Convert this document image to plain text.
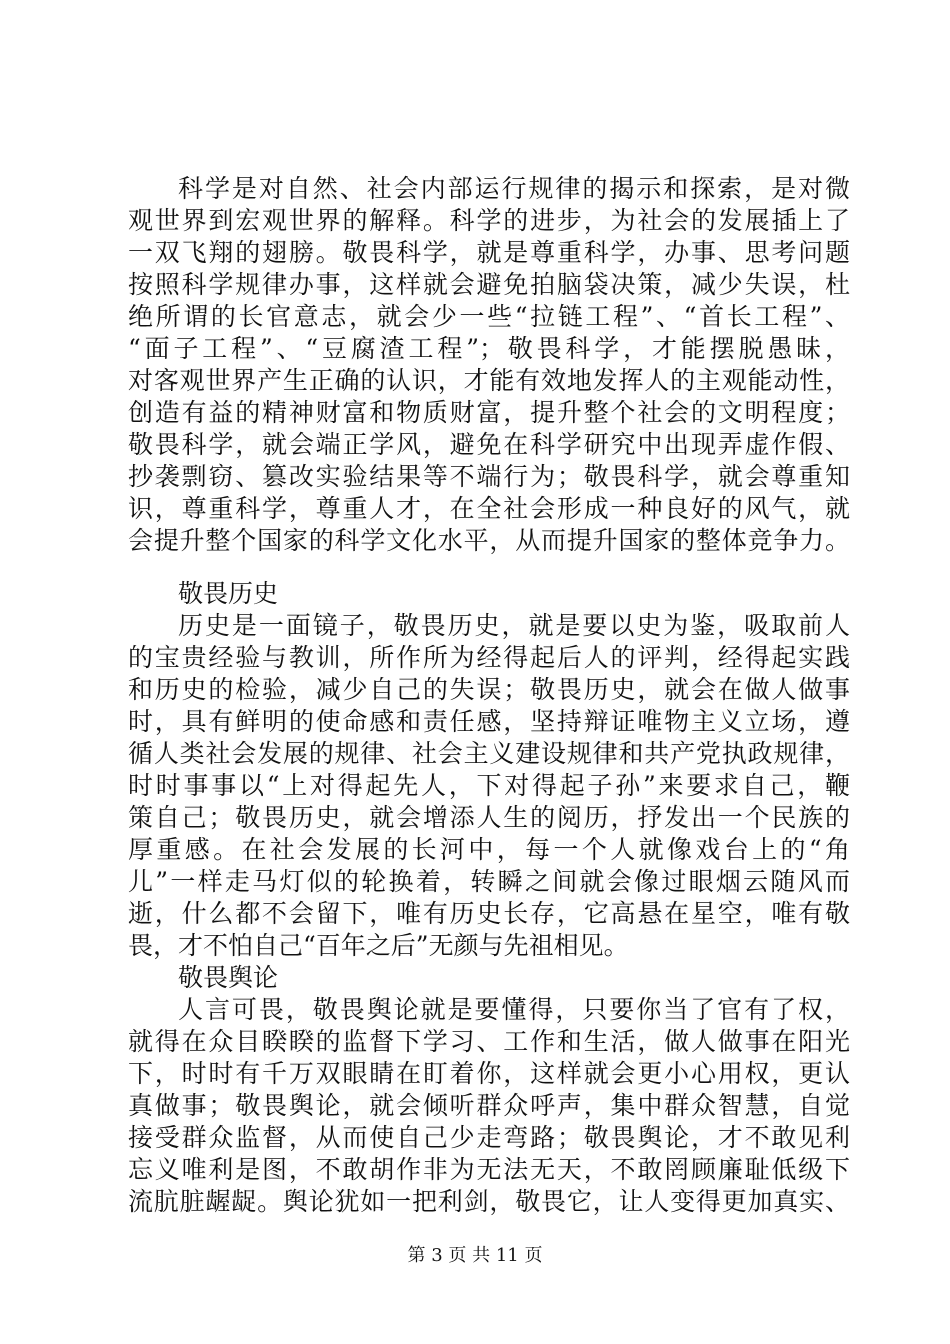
科学是对自然、社会内部运行规律的揭示和探索，是对微
观世界到宏观世界的解释。科学的进步，为社会的发展插上了
一双飞翔的翅膀。敬畏科学，就是尊重科学，办事、思考问题
按照科学规律办事，这样就会避免拍脑袋决策，减少失误，杜
绝所谓的长官意志，就会少一些“拉链工程”、“首长工程”、
“面子工程”、“豆腐渣工程”；敬畏科学，才能摆脱愚昧，
对客观世界产生正确的认识，才能有效地发挥人的主观能动性，
创造有益的精神财富和物质财富，提升整个社会的文明程度；
敬畏科学，就会端正学风，避免在科学研究中出现弄虚作假、
抄袭剽窃、篡改实验结果等不端行为；敬畏科学，就会尊重知
识，尊重科学，尊重人才，在全社会形成一种良好的风气，就
会提升整个国家的科学文化水平，从而提升国家的整体竞争力。
敬畏历史
历史是一面镜子，敬畏历史，就是要以史为鉴，吸取前人
的宝贵经验与教训，所作所为经得起后人的评判，经得起实践
和历史的检验，减少自己的失误；敬畏历史，就会在做人做事
时，具有鲜明的使命感和责任感，坚持辩证唯物主义立场，遵
循人类社会发展的规律、社会主义建设规律和共产党执政规律，
时时事事以“上对得起先人，下对得起子孙”来要求自己，鞭
策自己；敬畏历史，就会增添人生的阅历，抒发出一个民族的
厚重感。在社会发展的长河中，每一个人就像戏台上的“角
儿”一样走马灯似的轮换着，转瞬之间就会像过眼烟云随风而
逝，什么都不会留下，唯有历史长存，它高悬在星空，唯有敬
畏，才不怕自己“百年之后”无颜与先祖相见。
敬畏舆论
人言可畏，敬畏舆论就是要懂得，只要你当了官有了权，
就得在众目睽睽的监督下学习、工作和生活，做人做事在阳光
下，时时有千万双眼睛在盯着你，这样就会更小心用权，更认
真做事；敬畏舆论，就会倾听群众呼声，集中群众智慧，自觉
接受群众监督，从而使自己少走弯路；敬畏舆论，才不敢见利
忘义唯利是图，不敢胡作非为无法无天，不敢罔顾廉耻低级下
流肮脏龌龊。舆论犹如一把利剑，敬畏它，让人变得更加真实、
第 3 页 共 11 页
